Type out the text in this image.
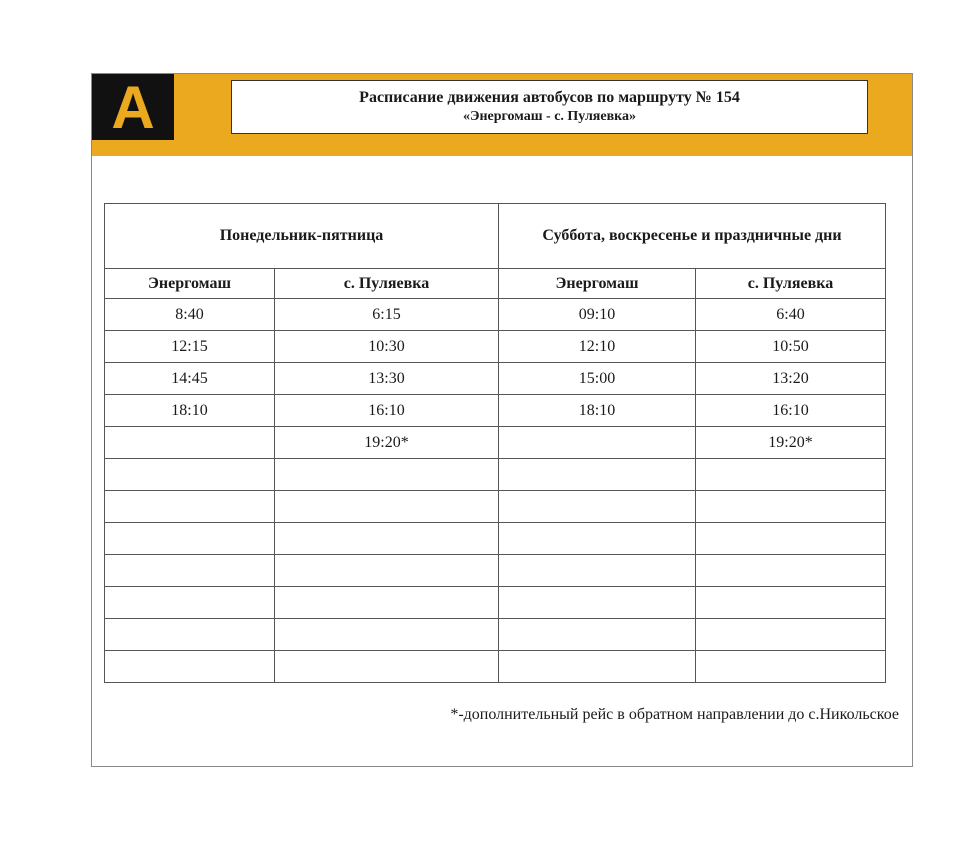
A	Расписание движения автобусов по маршруту № 154
«Энергомаш - с. Пуляевка»
Понедельник-пятница		Суббота, воскресенье и праздничные дни	
Энергомаш	с. Пуляевка	Энергомаш	с. Пуляевка
8:40	6:15	09:10	6:40
12:15	10:30	12:10	10:50
14:45	13:30	15:00	13:20
18:10	16:10	18:10	16:10
	19:20*		19:20*

*-дополнительный рейс в обратном направлении до с.Никольское
